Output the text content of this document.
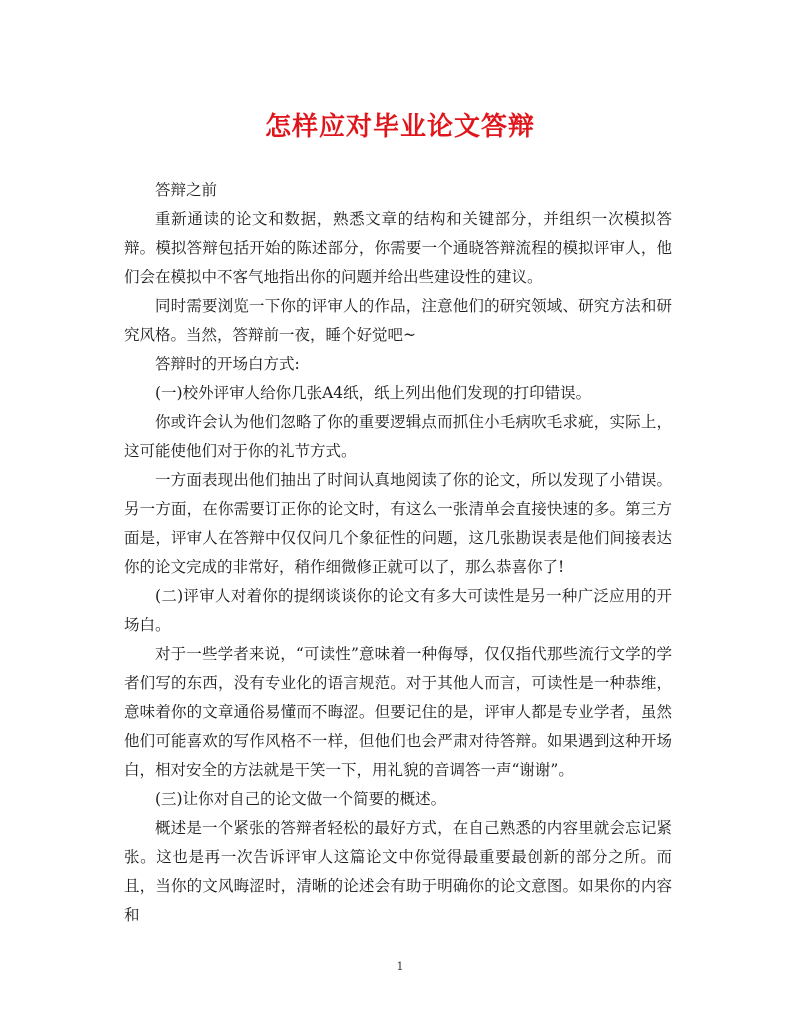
怎样应对毕业论文答辩

答辩之前

重新通读的论文和数据，熟悉文章的结构和关键部分，并组织一次模拟答辩。模拟答辩包括开始的陈述部分，你需要一个通晓答辩流程的模拟评审人，他们会在模拟中不客气地指出你的问题并给出些建设性的建议。

同时需要浏览一下你的评审人的作品，注意他们的研究领域、研究方法和研究风格。当然，答辩前一夜，睡个好觉吧~

答辩时的开场白方式:

(一)校外评审人给你几张A4纸，纸上列出他们发现的打印错误。

你或许会认为他们忽略了你的重要逻辑点而抓住小毛病吹毛求疵，实际上，这可能使他们对于你的礼节方式。

一方面表现出他们抽出了时间认真地阅读了你的论文，所以发现了小错误。另一方面，在你需要订正你的论文时，有这么一张清单会直接快速的多。第三方面是，评审人在答辩中仅仅问几个象征性的问题，这几张勘误表是他们间接表达你的论文完成的非常好，稍作细微修正就可以了，那么恭喜你了!

(二)评审人对着你的提纲谈谈你的论文有多大可读性是另一种广泛应用的开场白。

对于一些学者来说，“可读性”意味着一种侮辱，仅仅指代那些流行文学的学者们写的东西，没有专业化的语言规范。对于其他人而言，可读性是一种恭维，意味着你的文章通俗易懂而不晦涩。但要记住的是，评审人都是专业学者，虽然他们可能喜欢的写作风格不一样，但他们也会严肃对待答辩。如果遇到这种开场白，相对安全的方法就是干笑一下，用礼貌的音调答一声“谢谢”。

(三)让你对自己的论文做一个简要的概述。

概述是一个紧张的答辩者轻松的最好方式，在自己熟悉的内容里就会忘记紧张。这也是再一次告诉评审人这篇论文中你觉得最重要最创新的部分之所。而且，当你的文风晦涩时，清晰的论述会有助于明确你的论文意图。如果你的内容和

1
